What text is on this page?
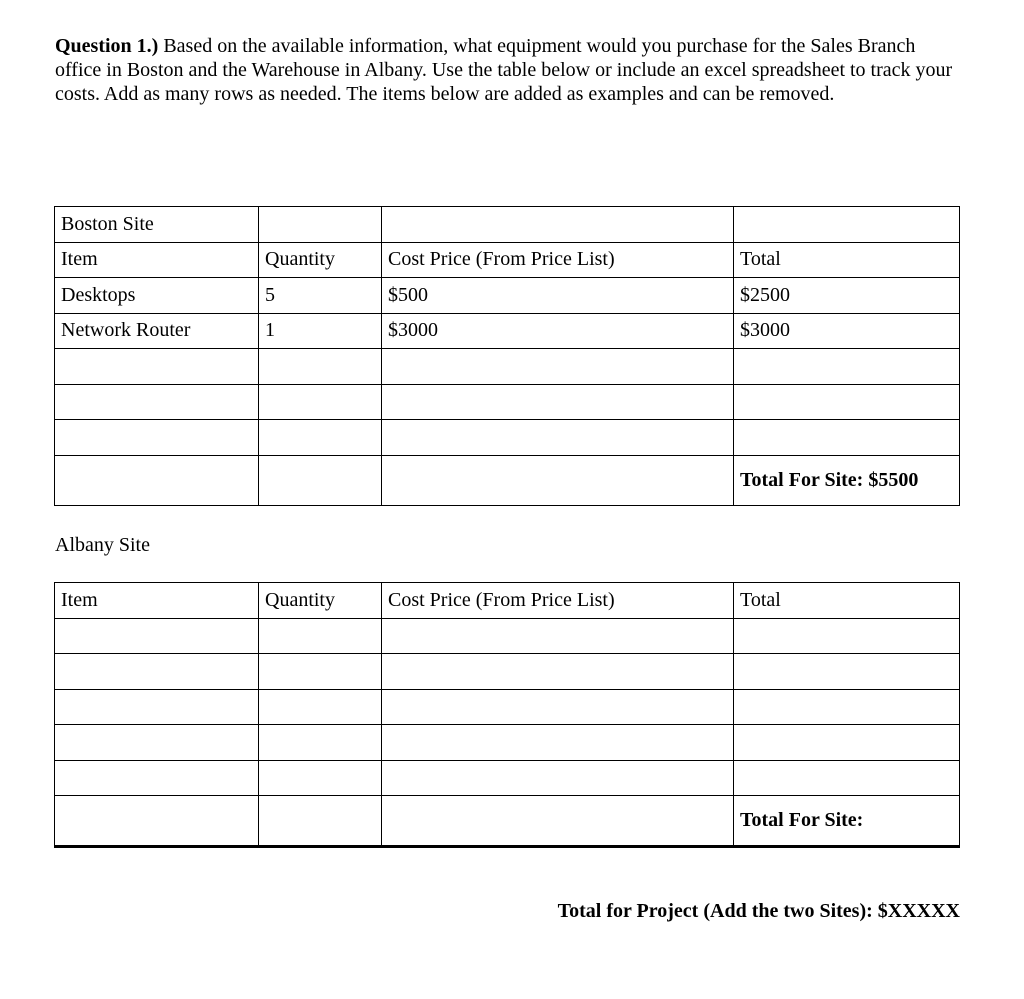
Question 1.) Based on the available information, what equipment would you purchase for the Sales Branch office in Boston and the Warehouse in Albany. Use the table below or include an excel spreadsheet to track your costs. Add as many rows as needed. The items below are added as examples and can be removed.

Boston Site			
Item	Quantity	Cost Price (From Price List)	Total
Desktops	5	$500	$2500
Network Router	1	$3000	$3000

			Total For Site: $5500
Albany Site
Item	Quantity	Cost Price (From Price List)	Total

			Total For Site:
Total for Project (Add the two Sites): $XXXXX
